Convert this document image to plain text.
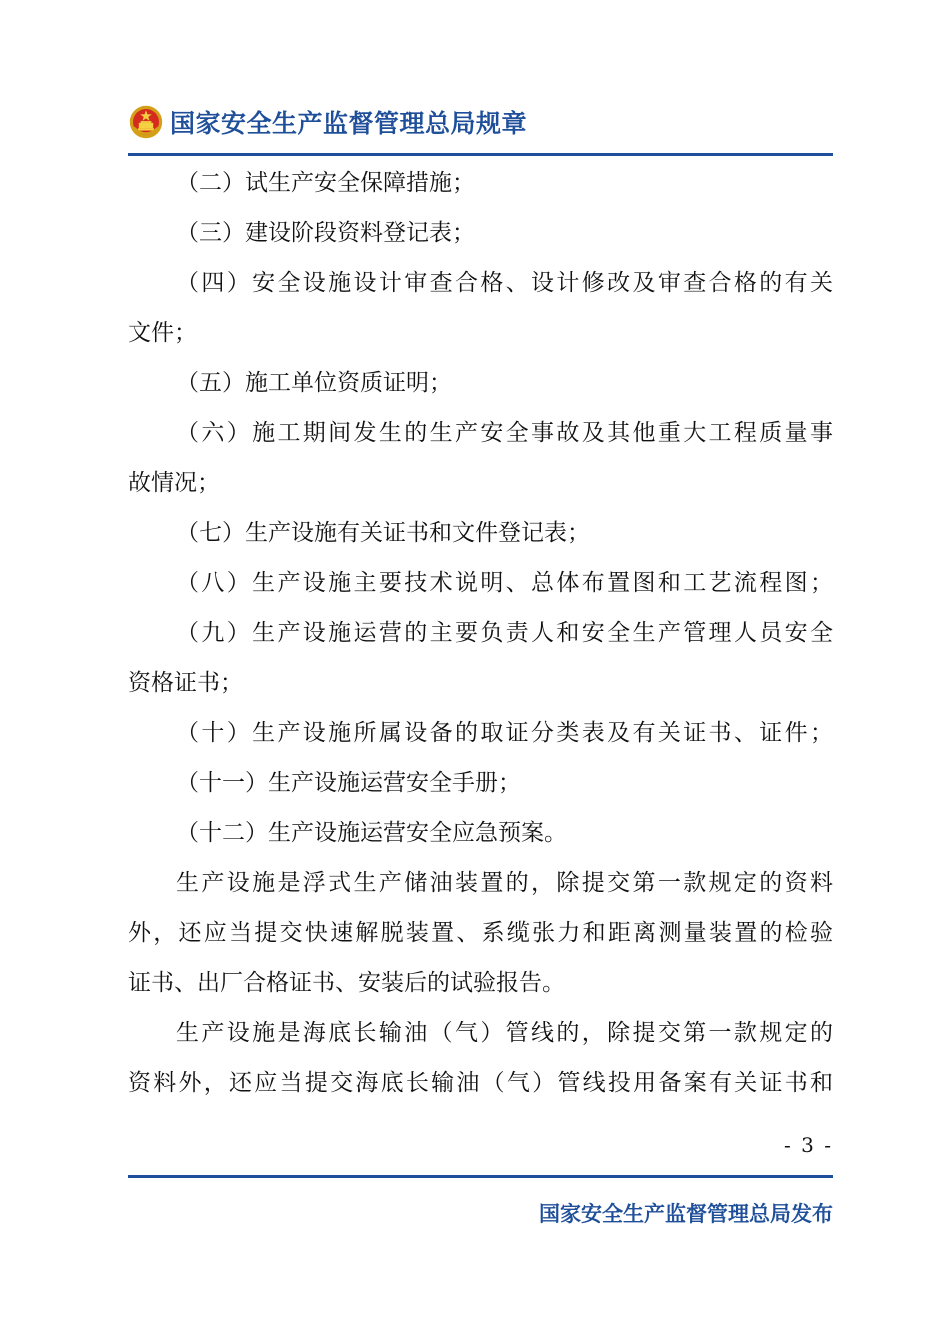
国家安全生产监督管理总局规章
（二）试生产安全保障措施；
（三）建设阶段资料登记表；
（四）安全设施设计审查合格、设计修改及审查合格的有关
文件；
（五）施工单位资质证明；
（六）施工期间发生的生产安全事故及其他重大工程质量事
故情况；
（七）生产设施有关证书和文件登记表；
（八）生产设施主要技术说明、总体布置图和工艺流程图；
（九）生产设施运营的主要负责人和安全生产管理人员安全
资格证书；
（十）生产设施所属设备的取证分类表及有关证书、证件；
（十一）生产设施运营安全手册；
（十二）生产设施运营安全应急预案。
生产设施是浮式生产储油装置的，除提交第一款规定的资料
外，还应当提交快速解脱装置、系缆张力和距离测量装置的检验
证书、出厂合格证书、安装后的试验报告。
生产设施是海底长输油（气）管线的，除提交第一款规定的
资料外，还应当提交海底长输油（气）管线投用备案有关证书和
- 3 -
国家安全生产监督管理总局发布
